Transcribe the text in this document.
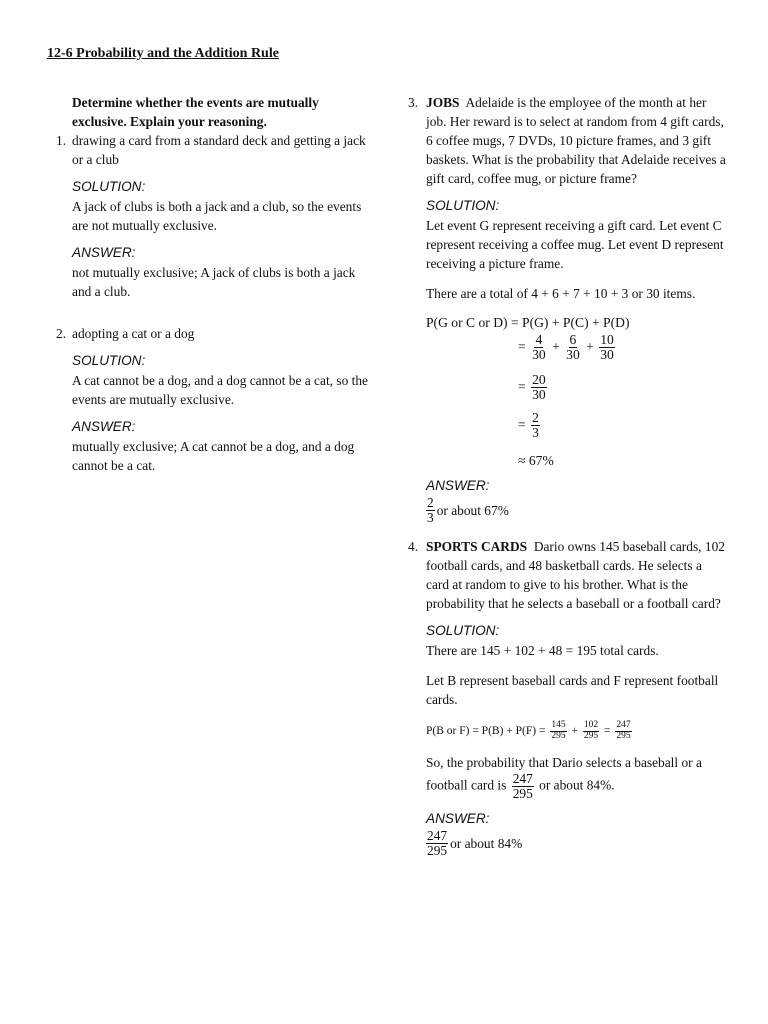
12-6 Probability and the Addition Rule
Determine whether the events are mutually exclusive. Explain your reasoning.
1. drawing a card from a standard deck and getting a jack or a club
SOLUTION:
A jack of clubs is both a jack and a club, so the events are not mutually exclusive.
ANSWER:
not mutually exclusive; A jack of clubs is both a jack and a club.
2. adopting a cat or a dog
SOLUTION:
A cat cannot be a dog, and a dog cannot be a cat, so the events are mutually exclusive.
ANSWER:
mutually exclusive; A cat cannot be a dog, and a dog cannot be a cat.
3. JOBS Adelaide is the employee of the month at her job. Her reward is to select at random from 4 gift cards, 6 coffee mugs, 7 DVDs, 10 picture frames, and 3 gift baskets. What is the probability that Adelaide receives a gift card, coffee mug, or picture frame?
SOLUTION:
Let event G represent receiving a gift card. Let event C represent receiving a coffee mug. Let event D represent receiving a picture frame.
There are a total of 4 + 6 + 7 + 10 + 3 or 30 items.
P(G or C or D) = P(G) + P(C) + P(D)
= $\frac{4}{30} + \frac{6}{30} + \frac{10}{30}$
= $\frac{20}{30}$
= $\frac{2}{3}$
≈ 67%
ANSWER:
$\frac{2}{3}$ or about 67%
4. SPORTS CARDS Dario owns 145 baseball cards, 102 football cards, and 48 basketball cards. He selects a card at random to give to his brother. What is the probability that he selects a baseball or a football card?
SOLUTION:
There are 145 + 102 + 48 = 195 total cards.
Let B represent baseball cards and F represent football cards.
P(B or $F) = P(B) + P(F) = \frac{145}{295} + \frac{102}{295} = \frac{247}{295}$
So, the probability that Dario selects a baseball or a football card is $\frac{247}{295}$ or about 84%.
ANSWER:
$\frac{247}{295}$ or about 84%
